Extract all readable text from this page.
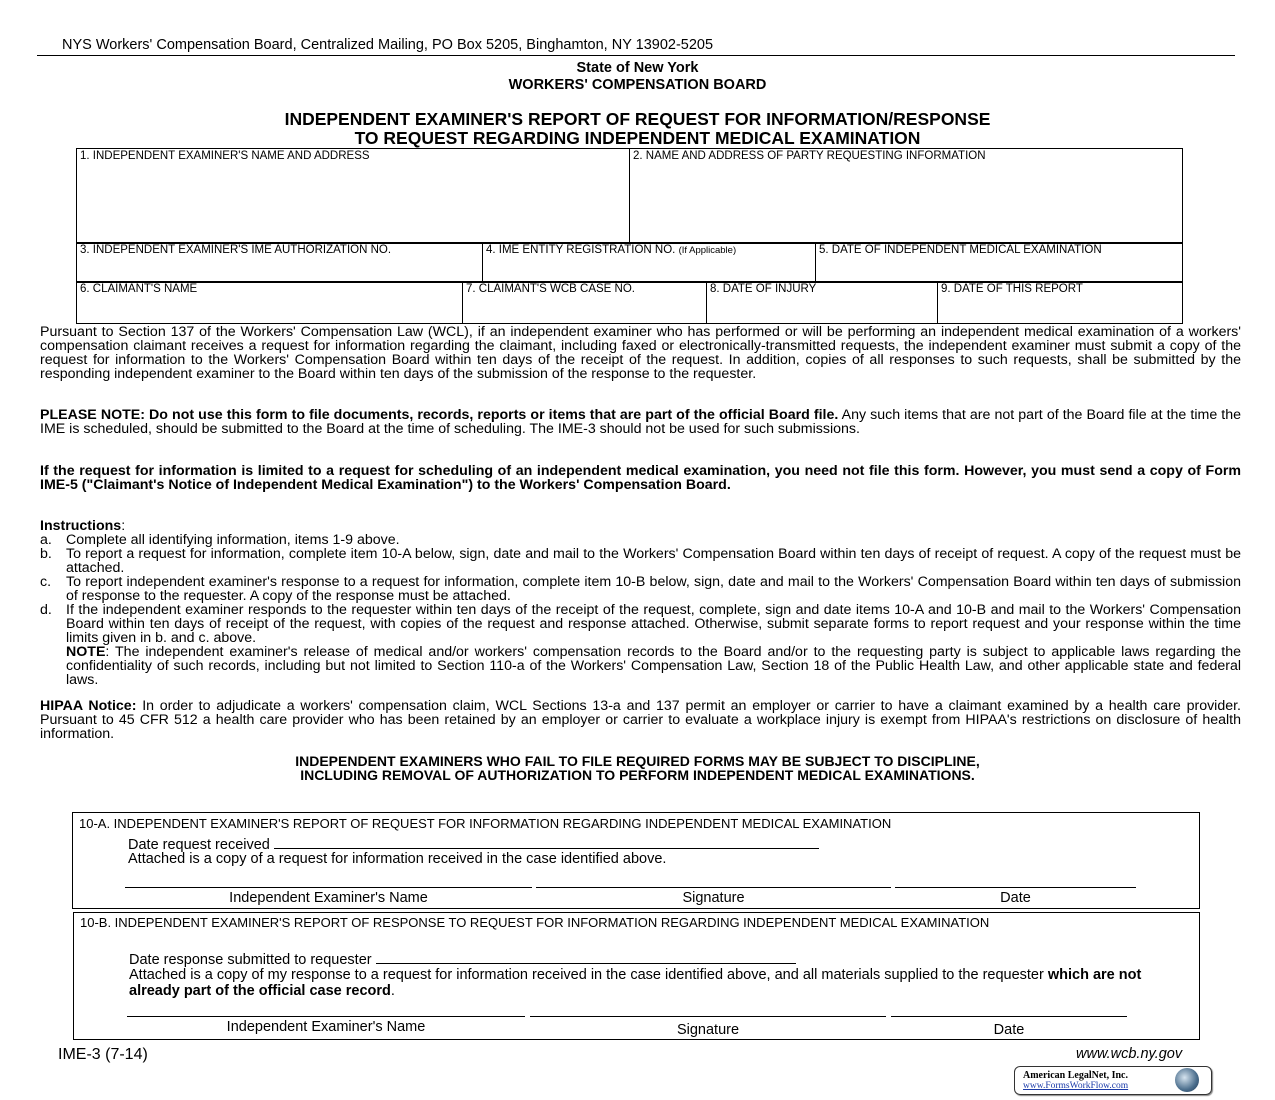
NYS Workers' Compensation Board, Centralized Mailing, PO Box 5205, Binghamton, NY 13902-5205
State of New York
WORKERS' COMPENSATION BOARD
INDEPENDENT EXAMINER'S REPORT OF REQUEST FOR INFORMATION/RESPONSE
TO REQUEST REGARDING INDEPENDENT MEDICAL EXAMINATION
1. INDEPENDENT EXAMINER'S NAME AND ADDRESS	2. NAME AND ADDRESS OF PARTY REQUESTING INFORMATION
3. INDEPENDENT EXAMINER'S IME AUTHORIZATION NO.	4. IME ENTITY REGISTRATION NO. (If Applicable)	5. DATE OF INDEPENDENT MEDICAL EXAMINATION
6. CLAIMANT'S NAME	7. CLAIMANT'S WCB CASE NO.	8. DATE OF INJURY	9. DATE OF THIS REPORT

Pursuant to Section 137 of the Workers' Compensation Law (WCL), if an independent examiner who has performed or will be performing an independent medical examination of a workers' compensation claimant receives a request for information regarding the claimant, including faxed or electronically-transmitted requests, the independent examiner must submit a copy of the request for information to the Workers' Compensation Board within ten days of the receipt of the request. In addition, copies of all responses to such requests, shall be submitted by the responding independent examiner to the Board within ten days of the submission of the response to the requester.

PLEASE NOTE: Do not use this form to file documents, records, reports or items that are part of the official Board file. Any such items that are not part of the Board file at the time the IME is scheduled, should be submitted to the Board at the time of scheduling. The IME-3 should not be used for such submissions.

If the request for information is limited to a request for scheduling of an independent medical examination, you need not file this form. However, you must send a copy of Form IME-5 ("Claimant's Notice of Independent Medical Examination") to the Workers' Compensation Board.

Instructions:
a. Complete all identifying information, items 1-9 above.
b. To report a request for information, complete item 10-A below, sign, date and mail to the Workers' Compensation Board within ten days of receipt of request. A copy of the request must be attached.
c.	To report independent examiner's response to a request for information, complete item 10-B below, sign, date and mail to the Workers' Compensation Board within ten days of submission of response to the requester. A copy of the response must be attached.
d. If the independent examiner responds to the requester within ten days of the receipt of the request, complete, sign and date items 10-A and 10-B and mail to the Workers' Compensation Board within ten days of receipt of the request, with copies of the request and response attached. Otherwise, submit separate forms to report request and your response within the time limits given in b. and c. above.
NOTE: The independent examiner's release of medical and/or workers' compensation records to the Board and/or to the requesting party is subject to applicable laws regarding the confidentiality of such records, including but not limited to Section 110-a of the Workers' Compensation Law, Section 18 of the Public Health Law, and other applicable state and federal laws.

HIPAA Notice: In order to adjudicate a workers' compensation claim, WCL Sections 13-a and 137 permit an employer or carrier to have a claimant examined by a health care provider. Pursuant to 45 CFR 512 a health care provider who has been retained by an employer or carrier to evaluate a workplace injury is exempt from HIPAA's restrictions on disclosure of health information.

INDEPENDENT EXAMINERS WHO FAIL TO FILE REQUIRED FORMS MAY BE SUBJECT TO DISCIPLINE,
INCLUDING REMOVAL OF AUTHORIZATION TO PERFORM INDEPENDENT MEDICAL EXAMINATIONS.
10-A. INDEPENDENT EXAMINER'S REPORT OF REQUEST FOR INFORMATION REGARDING INDEPENDENT MEDICAL EXAMINATION
Date request received
Attached is a copy of a request for information received in the case identified above.
Independent Examiner's Name	Signature	Date
10-B. INDEPENDENT EXAMINER'S REPORT OF RESPONSE TO REQUEST FOR INFORMATION REGARDING INDEPENDENT MEDICAL EXAMINATION
Date response submitted to requester
Attached is a copy of my response to a request for information received in the case identified above, and all materials supplied to the requester which are not already part of the official case record.
Independent Examiner's Name	Signature	Date
IME-3 (7-14)	www.wcb.ny.gov
American LegalNet, Inc.
www.FormsWorkFlow.com
